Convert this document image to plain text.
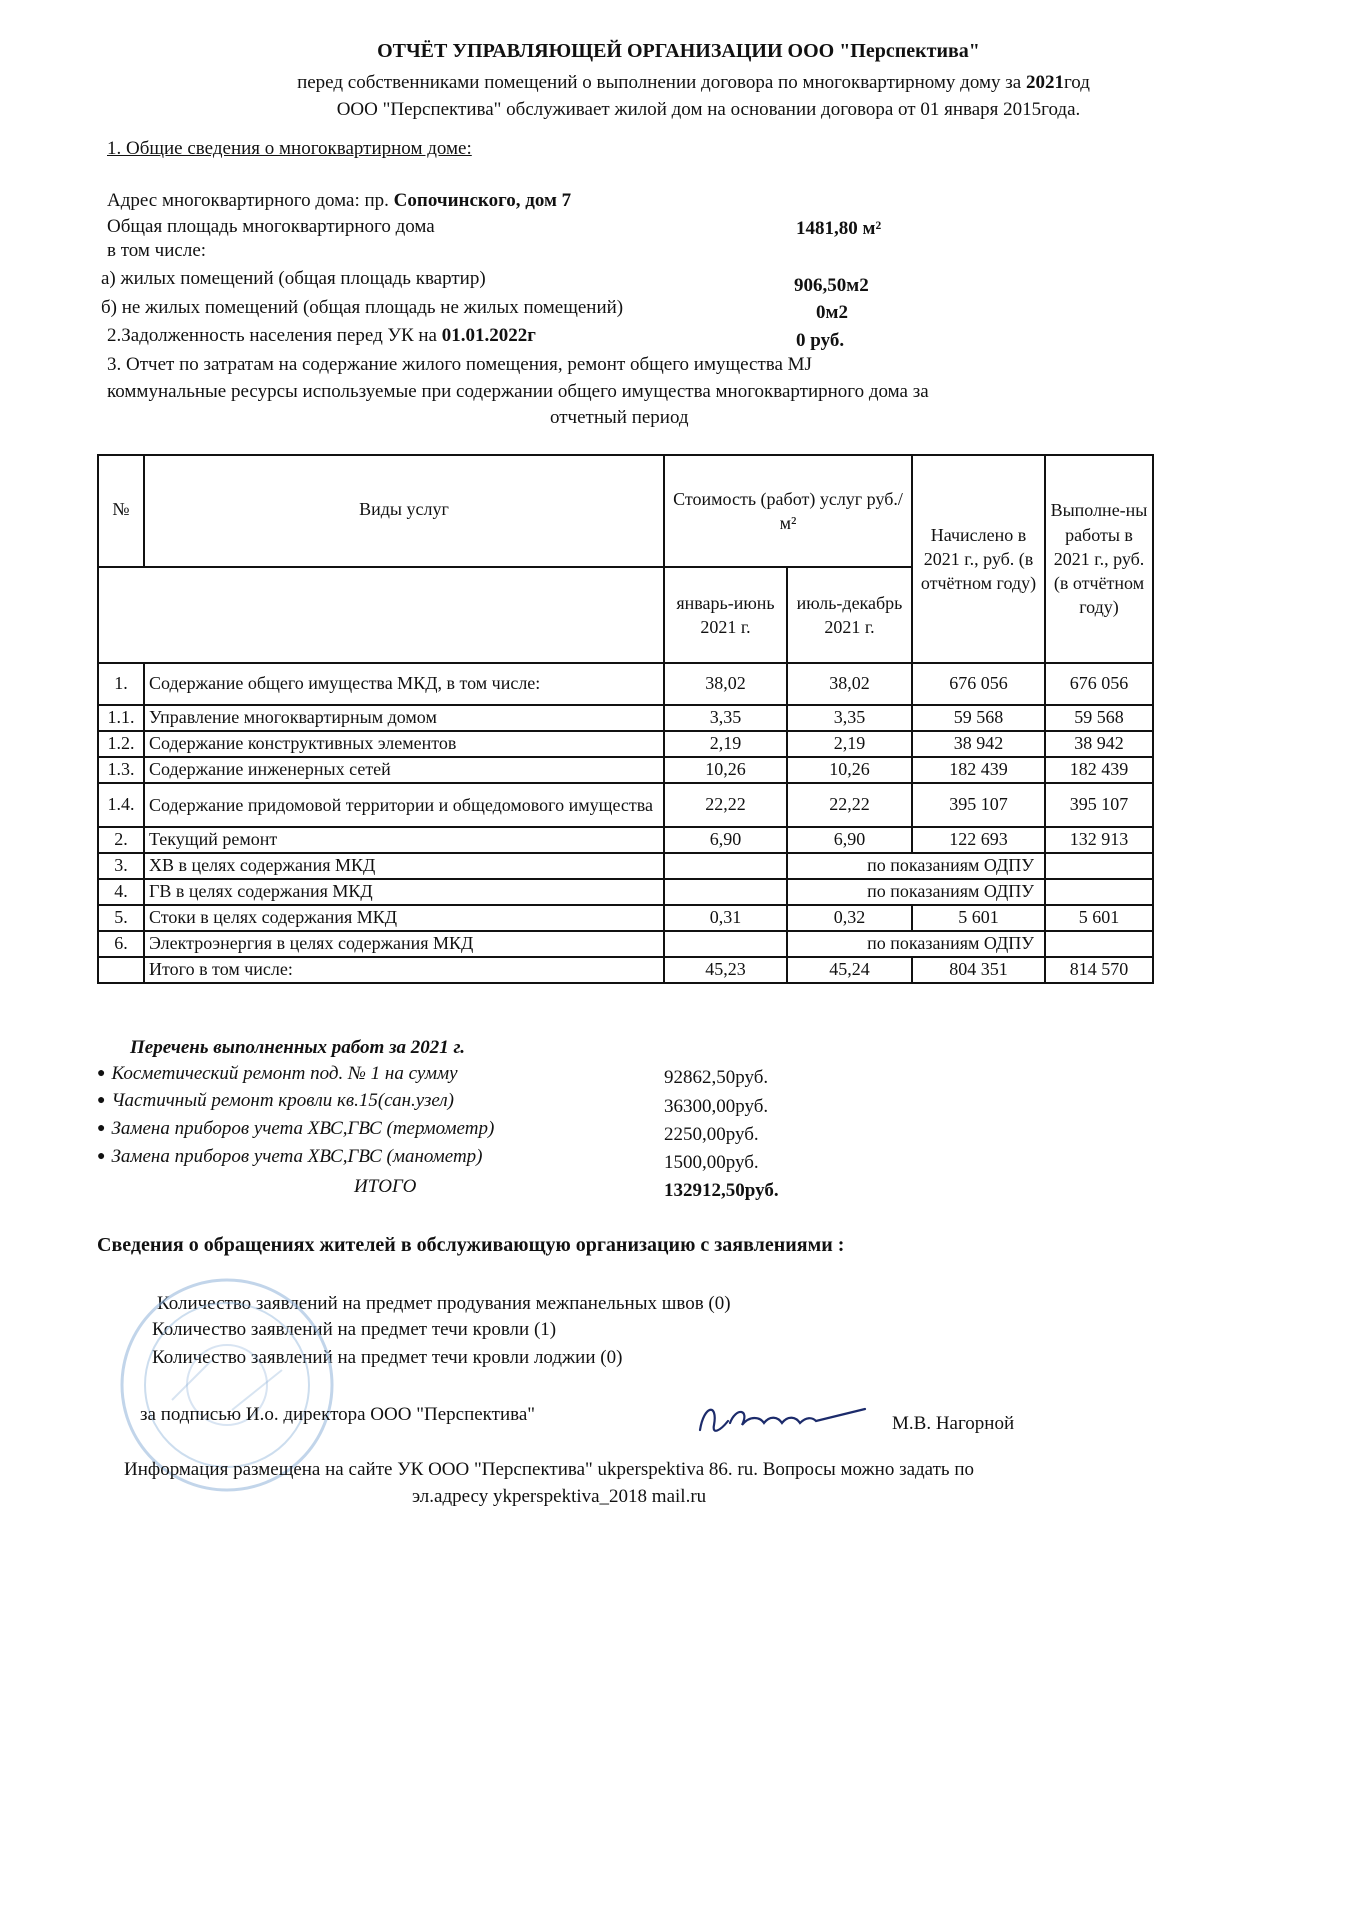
ОТЧЁТ УПРАВЛЯЮЩЕЙ ОРГАНИЗАЦИИ ООО "Перспектива"
перед собственниками помещений о выполнении договора по многоквартирному дому за 2021год
ООО "Перспектива" обслуживает жилой дом на основании договора от 01 января 2015года.
1. Общие сведения о многоквартирном доме:
Адрес многоквартирного дома: пр. Сопочинского, дом 7
Общая площадь многоквартирного дома	1481,80 м²
в том числе:
а) жилых помещений (общая площадь квартир)	906,50м2
б) не жилых помещений (общая площадь не жилых помещений)	0м2
2.Задолженность населения перед УК на 01.01.2022г	0 руб.
3. Отчет по затратам на содержание жилого помещения, ремонт общего имущества МЈ
коммунальные ресурсы используемые при содержании общего имущества многоквартирного дома за
отчетный период
№	Виды услуг	Стоимость (работ) услуг руб./м²		Начислено в 2021 г., руб. (в отчётном году)	Выполне-ны работы в 2021 г., руб. (в отчётном году)
		январь-июнь 2021 г.	июль-декабрь 2021 г.		
1.	Содержание общего имущества МКД, в том числе:	38,02	38,02	676 056	676 056
1.1.	Управление многоквартирным домом	3,35	3,35	59 568	59 568
1.2.	Содержание конструктивных элементов	2,19	2,19	38 942	38 942
1.3.	Содержание инженерных сетей	10,26	10,26	182 439	182 439
1.4.	Содержание придомовой территории и общедомового имущества	22,22	22,22	395 107	395 107
2.	Текущий ремонт	6,90	6,90	122 693	132 913
3.	ХВ в целях содержания МКД		по показаниям ОДПУ		
4.	ГВ в целях содержания МКД		по показаниям ОДПУ		
5.	Стоки в целях содержания МКД	0,31	0,32	5 601	5 601
6.	Электроэнергия в целях содержания МКД		по показаниям ОДПУ		
	Итого в том числе:	45,23	45,24	804 351	814 570
Перечень выполненных работ за 2021 г.
● Косметический ремонт под. № 1 на сумму	92862,50руб.
● Частичный ремонт кровли кв.15(сан.узел)	36300,00руб.
● Замена приборов учета ХВС,ГВС (термометр)	2250,00руб.
● Замена приборов учета ХВС,ГВС (манометр)	1500,00руб.
ИТОГО	132912,50руб.
Сведения о обращениях жителей в обслуживающую организацию с заявлениями :
Количество заявлений на предмет продувания межпанельных швов (0)
Количество заявлений на предмет течи кровли (1)
Количество заявлений на предмет течи кровли лоджии (0)
за подписью И.о. директора ООО "Перспектива"	М.В. Нагорной
Информация размещена на сайте УК ООО "Перспектива" ukperspektiva 86. ru. Вопросы можно задать по
эл.адресу ykperspektiva_2018 mail.ru
